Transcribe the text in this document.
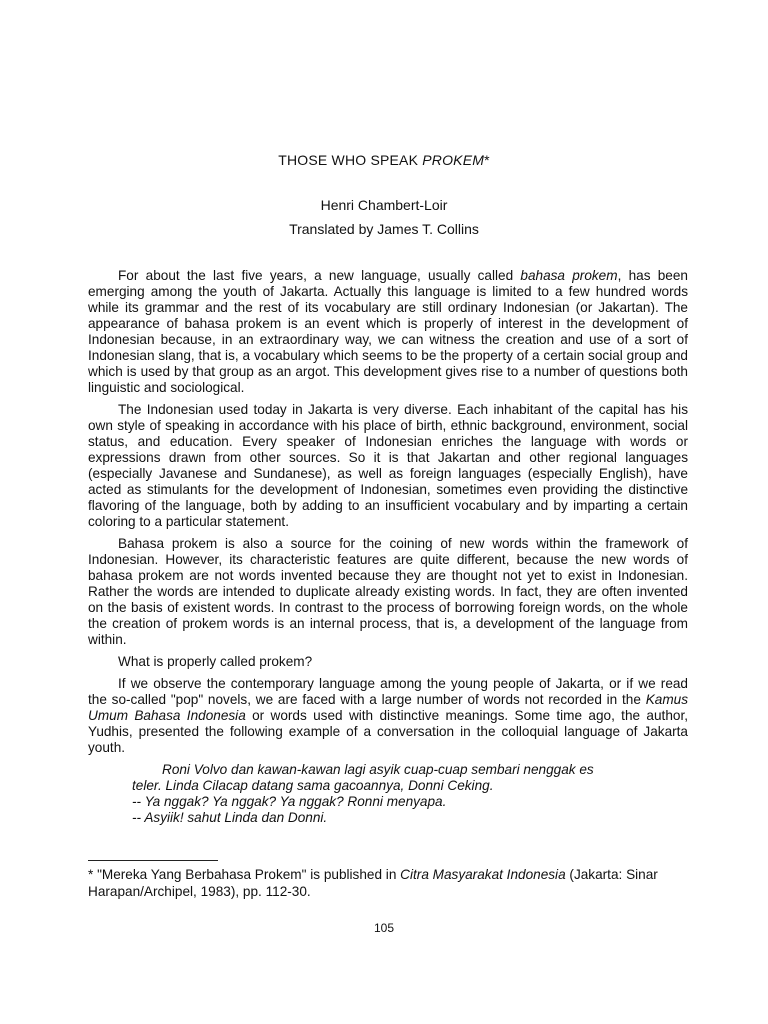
THOSE WHO SPEAK PROKEM*
Henri Chambert-Loir
Translated by James T. Collins

For about the last five years, a new language, usually called bahasa prokem, has been emerging among the youth of Jakarta. Actually this language is limited to a few hundred words while its grammar and the rest of its vocabulary are still ordinary Indonesian (or Jakartan). The appearance of bahasa prokem is an event which is properly of interest in the development of Indonesian because, in an extraordinary way, we can witness the creation and use of a sort of Indonesian slang, that is, a vocabulary which seems to be the property of a certain social group and which is used by that group as an argot. This development gives rise to a number of questions both linguistic and sociological.

The Indonesian used today in Jakarta is very diverse. Each inhabitant of the capital has his own style of speaking in accordance with his place of birth, ethnic background, environment, social status, and education. Every speaker of Indonesian enriches the language with words or expressions drawn from other sources. So it is that Jakartan and other regional languages (especially Javanese and Sundanese), as well as foreign languages (especially English), have acted as stimulants for the development of Indonesian, sometimes even providing the distinctive flavoring of the language, both by adding to an insufficient vocabulary and by imparting a certain coloring to a particular statement.

Bahasa prokem is also a source for the coining of new words within the framework of Indonesian. However, its characteristic features are quite different, because the new words of bahasa prokem are not words invented because they are thought not yet to exist in Indonesian. Rather the words are intended to duplicate already existing words. In fact, they are often invented on the basis of existent words. In contrast to the process of borrowing foreign words, on the whole the creation of prokem words is an internal process, that is, a development of the language from within.

What is properly called prokem?

If we observe the contemporary language among the young people of Jakarta, or if we read the so-called "pop" novels, we are faced with a large number of words not recorded in the Kamus Umum Bahasa Indonesia or words used with distinctive meanings. Some time ago, the author, Yudhis, presented the following example of a conversation in the colloquial language of Jakarta youth.

Roni Volvo dan kawan-kawan lagi asyik cuap-cuap sembari nenggak es
teler. Linda Cilacap datang sama gacoannya, Donni Ceking.
-- Ya nggak? Ya nggak? Ya nggak? Ronni menyapa.
-- Asyiik! sahut Linda dan Donni.
* "Mereka Yang Berbahasa Prokem" is published in Citra Masyarakat Indonesia (Jakarta: Sinar Harapan/Archipel, 1983), pp. 112-30.
105
